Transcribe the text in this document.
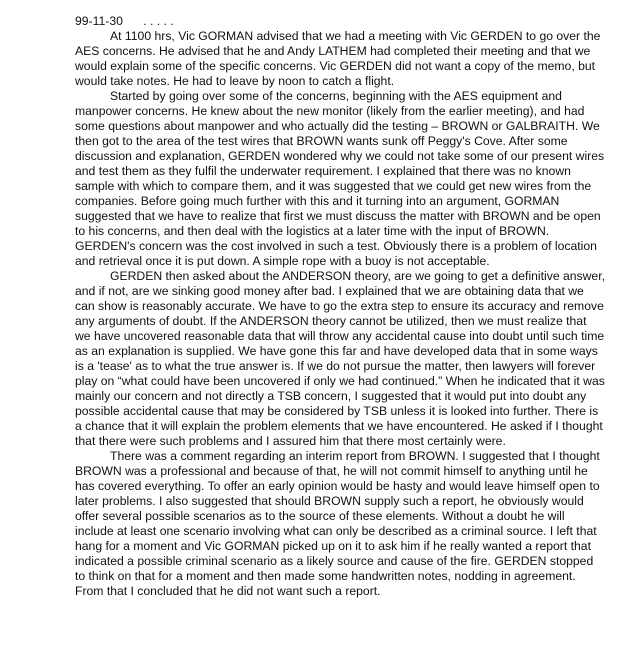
99-11-30      . . . . .

At 1100 hrs, Vic GORMAN advised that we had a meeting with Vic GERDEN to go over the AES concerns. He advised that he and Andy LATHEM had completed their meeting and that we would explain some of the specific concerns. Vic GERDEN did not want a copy of the memo, but would take notes. He had to leave by noon to catch a flight.

Started by going over some of the concerns, beginning with the AES equipment and manpower concerns. He knew about the new monitor (likely from the earlier meeting), and had some questions about manpower and who actually did the testing – BROWN or GALBRAITH. We then got to the area of the test wires that BROWN wants sunk off Peggy's Cove. After some discussion and explanation, GERDEN wondered why we could not take some of our present wires and test them as they fulfil the underwater requirement. I explained that there was no known sample with which to compare them, and it was suggested that we could get new wires from the companies. Before going much further with this and it turning into an argument, GORMAN suggested that we have to realize that first we must discuss the matter with BROWN and be open to his concerns, and then deal with the logistics at a later time with the input of BROWN. GERDEN's concern was the cost involved in such a test. Obviously there is a problem of location and retrieval once it is put down. A simple rope with a buoy is not acceptable.

GERDEN then asked about the ANDERSON theory, are we going to get a definitive answer, and if not, are we sinking good money after bad. I explained that we are obtaining data that we can show is reasonably accurate. We have to go the extra step to ensure its accuracy and remove any arguments of doubt. If the ANDERSON theory cannot be utilized, then we must realize that we have uncovered reasonable data that will throw any accidental cause into doubt until such time as an explanation is supplied. We have gone this far and have developed data that in some ways is a 'tease' as to what the true answer is. If we do not pursue the matter, then lawyers will forever play on “what could have been uncovered if only we had continued.” When he indicated that it was mainly our concern and not directly a TSB concern, I suggested that it would put into doubt any possible accidental cause that may be considered by TSB unless it is looked into further. There is a chance that it will explain the problem elements that we have encountered. He asked if I thought that there were such problems and I assured him that there most certainly were.

There was a comment regarding an interim report from BROWN. I suggested that I thought BROWN was a professional and because of that, he will not commit himself to anything until he has covered everything. To offer an early opinion would be hasty and would leave himself open to later problems. I also suggested that should BROWN supply such a report, he obviously would offer several possible scenarios as to the source of these elements. Without a doubt he will include at least one scenario involving what can only be described as a criminal source. I left that hang for a moment and Vic GORMAN picked up on it to ask him if he really wanted a report that indicated a possible criminal scenario as a likely source and cause of the fire. GERDEN stopped to think on that for a moment and then made some handwritten notes, nodding in agreement. From that I concluded that he did not want such a report.
